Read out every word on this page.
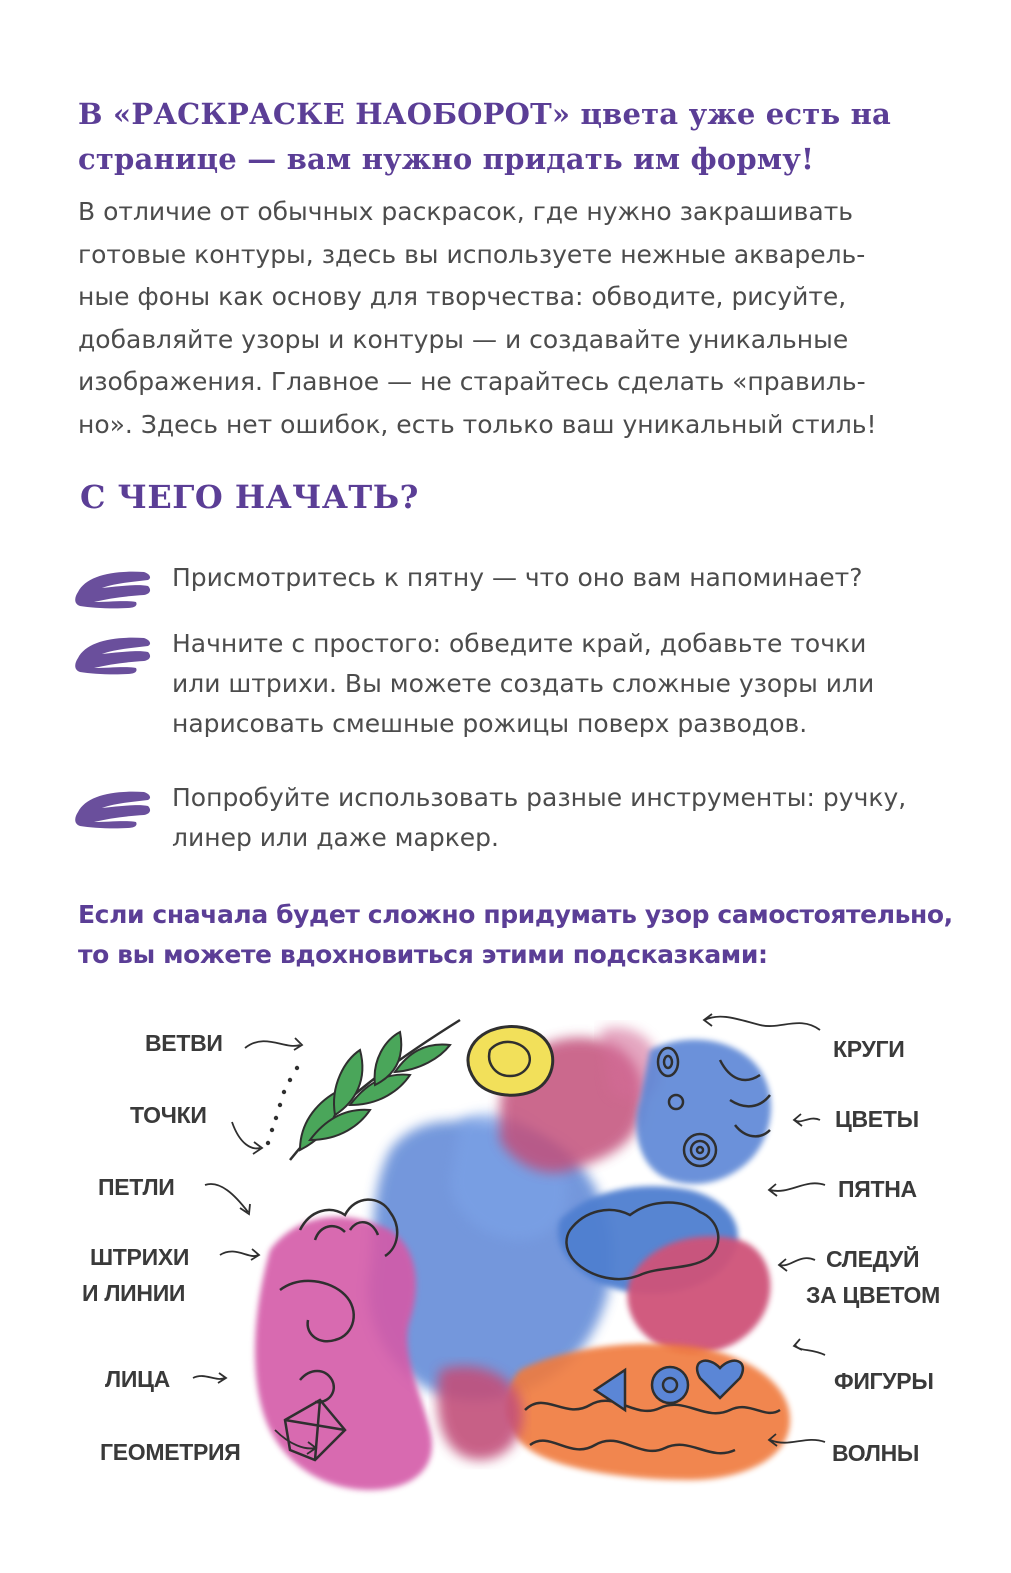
В «РАСКРАСКЕ НАОБОРОТ» цвета уже есть на
странице — вам нужно придать им форму!
В отличие от обычных раскрасок, где нужно закрашивать
готовые контуры, здесь вы используете нежные акварель-
ные фоны как основу для творчества: обводите, рисуйте,
добавляйте узоры и контуры — и создавайте уникальные
изображения. Главное — не старайтесь сделать «правиль-
но». Здесь нет ошибок, есть только ваш уникальный стиль!
С ЧЕГО НАЧАТЬ?
Присмотритесь к пятну — что оно вам напоминает?
Начните с простого: обведите край, добавьте точки
или штрихи. Вы можете создать сложные узоры или
нарисовать смешные рожицы поверх разводов.
Попробуйте использовать разные инструменты: ручку,
линер или даже маркер.
Если сначала будет сложно придумать узор самостоятельно,
то вы можете вдохновиться этими подсказками:
ВЕТВИ
ТОЧКИ
ПЕТЛИ
ШТРИХИ
И ЛИНИИ
ЛИЦА
ГЕОМЕТРИЯ
КРУГИ
ЦВЕТЫ
ПЯТНА
СЛЕДУЙ
ЗА ЦВЕТОМ
ФИГУРЫ
ВОЛНЫ
